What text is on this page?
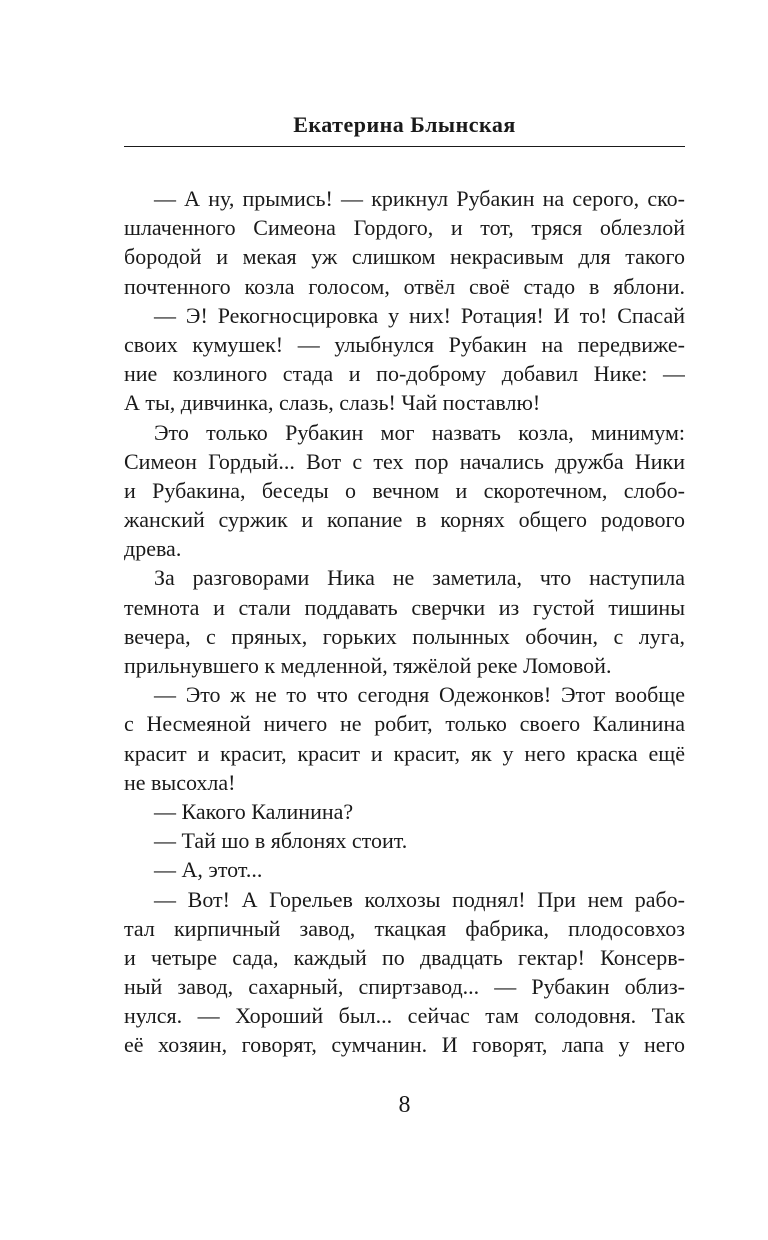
Екатерина Блынская
— А ну, прымись! — крикнул Рубакин на серого, ско-
шлаченного Симеона Гордого, и тот, тряся облезлой
бородой и мекая уж слишком некрасивым для такого
почтенного козла голосом, отвёл своё стадо в яблони.
— Э! Рекогносцировка у них! Ротация! И то! Спасай
своих кумушек! — улыбнулся Рубакин на передвиже-
ние козлиного стада и по-доброму добавил Нике: —
А ты, дивчинка, слазь, слазь! Чай поставлю!
Это только Рубакин мог назвать козла, минимум:
Симеон Гордый... Вот с тех пор начались дружба Ники
и Рубакина, беседы о вечном и скоротечном, слобо-
жанский суржик и копание в корнях общего родового
древа.
За разговорами Ника не заметила, что наступила
темнота и стали поддавать сверчки из густой тишины
вечера, с пряных, горьких полынных обочин, с луга,
прильнувшего к медленной, тяжёлой реке Ломовой.
— Это ж не то что сегодня Одежонков! Этот вообще
с Несмеяной ничего не робит, только своего Калинина
красит и красит, красит и красит, як у него краска ещё
не высохла!
— Какого Калинина?
— Тай шо в яблонях стоит.
— А, этот...
— Вот! А Горельев колхозы поднял! При нем рабо-
тал кирпичный завод, ткацкая фабрика, плодосовхоз
и четыре сада, каждый по двадцать гектар! Консерв-
ный завод, сахарный, спиртзавод... — Рубакин облиз-
нулся. — Хороший был... сейчас там солодовня. Так
её хозяин, говорят, сумчанин. И говорят, лапа у него
8
